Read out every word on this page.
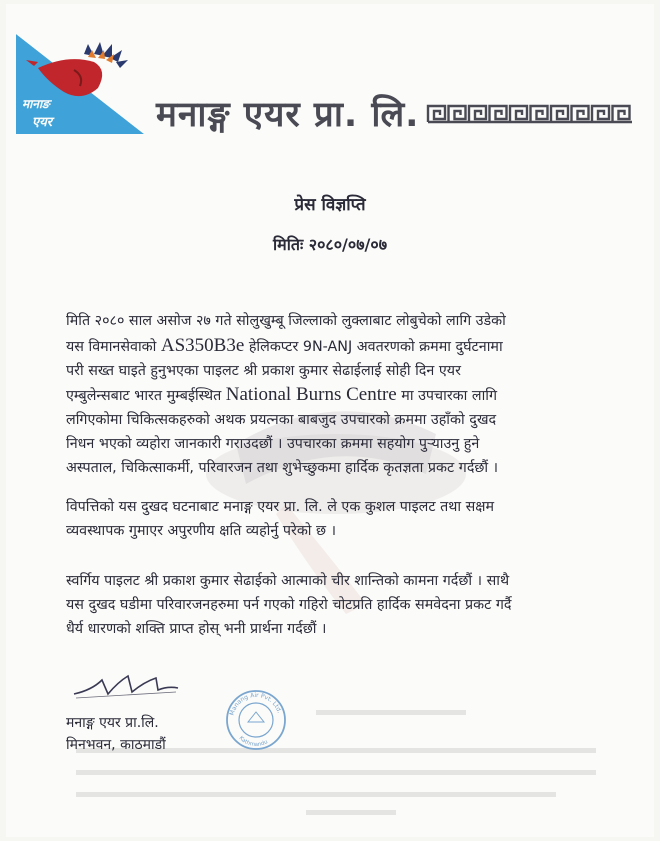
मानाङ
एयर	मनाङ्ग एयर प्रा. लि.
प्रेस विज्ञप्ति
मितिः २०८०/०७/०७
मिति २०८० साल असोज २७ गते सोलुखुम्बू जिल्लाको लुक्लाबाट लोबुचेको लागि उडेको
यस विमानसेवाको AS350B3e हेलिकप्टर 9N-ANJ अवतरणको क्रममा दुर्घटनामा
परी सख्त घाइते हुनुभएका पाइलट श्री प्रकाश कुमार सेढाईलाई सोही दिन एयर
एम्बुलेन्सबाट भारत मुम्बईस्थित National Burns Centre मा उपचारका लागि
लगिएकोमा चिकित्सकहरुको अथक प्रयत्नका बाबजुद उपचारको क्रममा उहाँको दुखद
निधन भएको व्यहोरा जानकारी गराउदछौं । उपचारका क्रममा सहयोग पुऱ्याउनु हुने
अस्पताल, चिकित्साकर्मी, परिवारजन तथा शुभेच्छुकमा हार्दिक कृतज्ञता प्रकट गर्दछौं ।
विपत्तिको यस दुखद घटनाबाट मनाङ्ग एयर प्रा. लि. ले एक कुशल पाइलट तथा सक्षम
व्यवस्थापक गुमाएर अपुरणीय क्षति व्यहोर्नु परेको छ ।
स्वर्गिय पाइलट श्री प्रकाश कुमार सेढाईको आत्माको चीर शान्तिको कामना गर्दछौं । साथै
यस दुखद घडीमा परिवारजनहरुमा पर्न गएको गहिरो चोटप्रति हार्दिक समवेदना प्रकट गर्दै
धैर्य धारणको शक्ति प्राप्त होस् भनी प्रार्थना गर्दछौं ।
मनाङ्ग एयर प्रा.लि.
मिनभवन, काठमाडौं
Manang Air Pvt. Ltd.
Kathmandu
